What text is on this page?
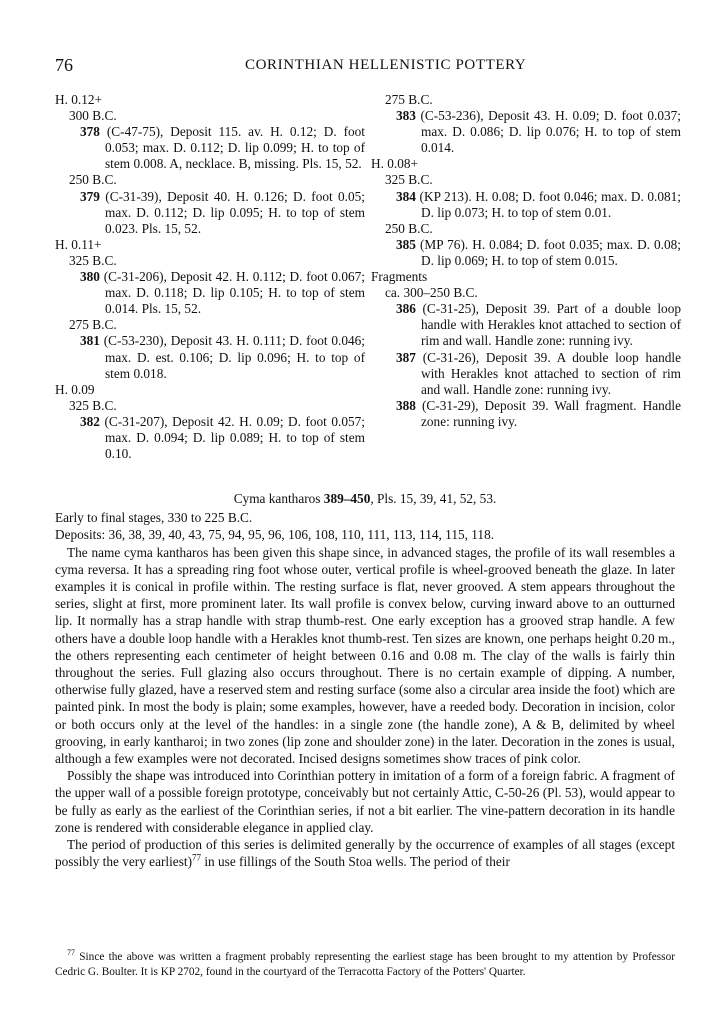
76	CORINTHIAN HELLENISTIC POTTERY

H. 0.12+

300 B.C.

378 (C-47-75), Deposit 115. av. H. 0.12; D. foot 0.053; max. D. 0.112; D. lip 0.099; H. to top of stem 0.008. A, necklace. B, missing. Pls. 15, 52.

250 B.C.

379 (C-31-39), Deposit 40. H. 0.126; D. foot 0.05; max. D. 0.112; D. lip 0.095; H. to top of stem 0.023. Pls. 15, 52.

H. 0.11+

325 B.C.

380 (C-31-206), Deposit 42. H. 0.112; D. foot 0.067; max. D. 0.118; D. lip 0.105; H. to top of stem 0.014. Pls. 15, 52.

275 B.C.

381 (C-53-230), Deposit 43. H. 0.111; D. foot 0.046; max. D. est. 0.106; D. lip 0.096; H. to top of stem 0.018.

H. 0.09

325 B.C.

382 (C-31-207), Deposit 42. H. 0.09; D. foot 0.057; max. D. 0.094; D. lip 0.089; H. to top of stem 0.10.

275 B.C.

383 (C-53-236), Deposit 43. H. 0.09; D. foot 0.037; max. D. 0.086; D. lip 0.076; H. to top of stem 0.014.

H. 0.08+

325 B.C.

384 (KP 213). H. 0.08; D. foot 0.046; max. D. 0.081; D. lip 0.073; H. to top of stem 0.01.

250 B.C.

385 (MP 76). H. 0.084; D. foot 0.035; max. D. 0.08; D. lip 0.069; H. to top of stem 0.015.

Fragments

ca. 300–250 B.C.

386 (C-31-25), Deposit 39. Part of a double loop handle with Herakles knot attached to section of rim and wall. Handle zone: running ivy.

387 (C-31-26), Deposit 39. A double loop handle with Herakles knot attached to section of rim and wall. Handle zone: running ivy.

388 (C-31-29), Deposit 39. Wall fragment. Handle zone: running ivy.

Cyma kantharos 389–450, Pls. 15, 39, 41, 52, 53.

Early to final stages, 330 to 225 B.C.

Deposits: 36, 38, 39, 40, 43, 75, 94, 95, 96, 106, 108, 110, 111, 113, 114, 115, 118.

The name cyma kantharos has been given this shape since, in advanced stages, the profile of its wall resembles a cyma reversa. It has a spreading ring foot whose outer, vertical profile is wheel-grooved beneath the glaze. In later examples it is conical in profile within. The resting surface is flat, never grooved. A stem appears throughout the series, slight at first, more prominent later. Its wall profile is convex below, curving inward above to an outturned lip. It normally has a strap handle with strap thumb-rest. One early exception has a grooved strap handle. A few others have a double loop handle with a Herakles knot thumb-rest. Ten sizes are known, one perhaps height 0.20 m., the others representing each centimeter of height between 0.16 and 0.08 m. The clay of the walls is fairly thin throughout the series. Full glazing also occurs throughout. There is no certain example of dipping. A number, otherwise fully glazed, have a reserved stem and resting surface (some also a circular area inside the foot) which are painted pink. In most the body is plain; some examples, however, have a reeded body. Decoration in incision, color or both occurs only at the level of the handles: in a single zone (the handle zone), A & B, delimited by wheel grooving, in early kantharoi; in two zones (lip zone and shoulder zone) in the later. Decoration in the zones is usual, although a few examples were not decorated. Incised designs sometimes show traces of pink color.

Possibly the shape was introduced into Corinthian pottery in imitation of a form of a foreign fabric. A fragment of the upper wall of a possible foreign prototype, conceivably but not certainly Attic, C-50-26 (Pl. 53), would appear to be fully as early as the earliest of the Corinthian series, if not a bit earlier. The vine-pattern decoration in its handle zone is rendered with considerable elegance in applied clay.

The period of production of this series is delimited generally by the occurrence of examples of all stages (except possibly the very earliest)$^{77}$ in use fillings of the South Stoa wells. The period of their

$^{77}$ Since the above was written a fragment probably representing the earliest stage has been brought to my attention by Professor Cedric G. Boulter. It is KP 2702, found in the courtyard of the Terracotta Factory of the Potters' Quarter.
